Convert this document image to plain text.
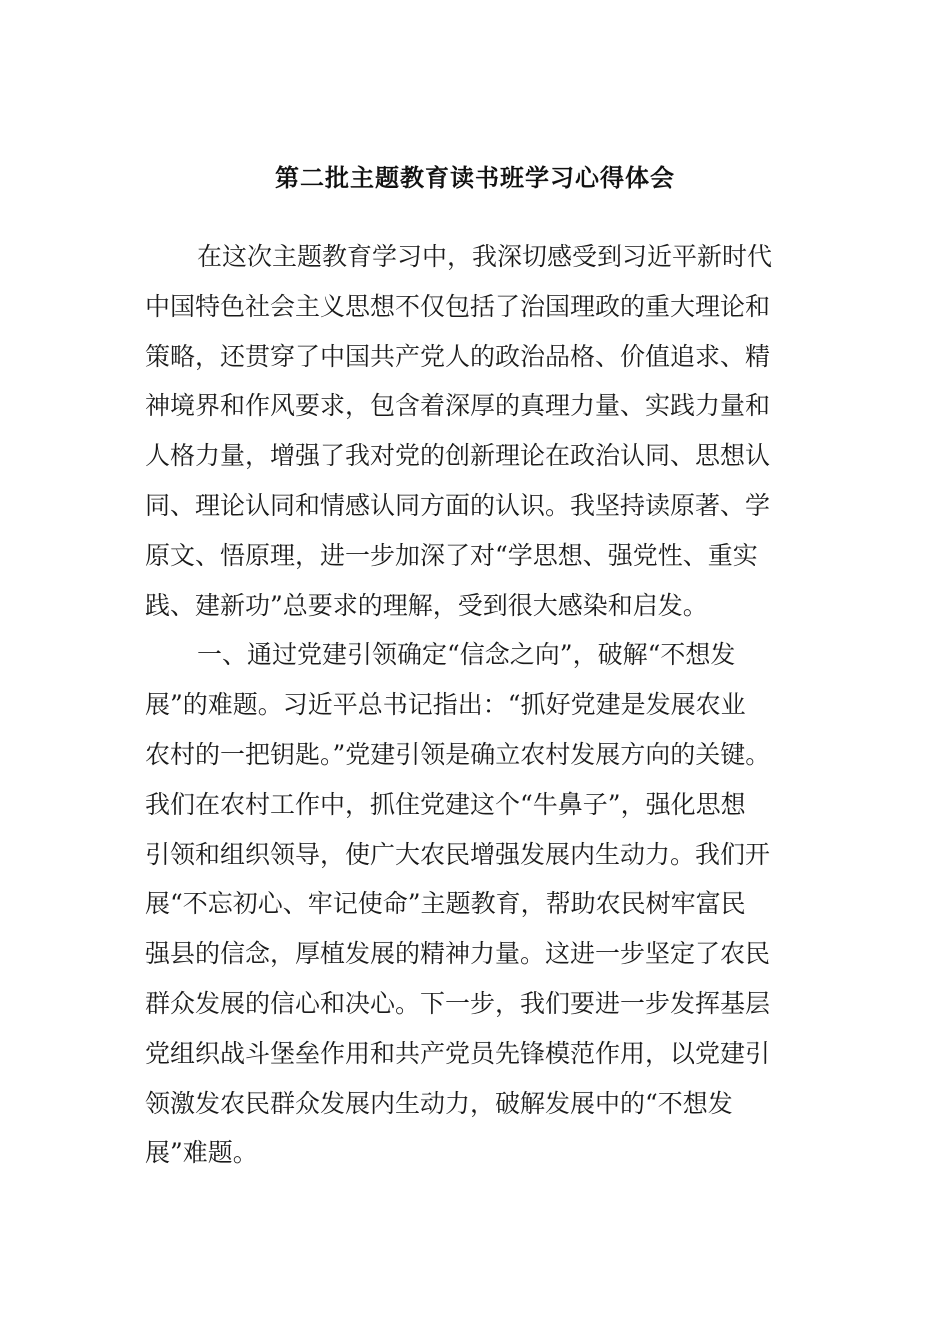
第二批主题教育读书班学习心得体会
在这次主题教育学习中，我深切感受到习近平新时代
中国特色社会主义思想不仅包括了治国理政的重大理论和
策略，还贯穿了中国共产党人的政治品格、价值追求、精
神境界和作风要求，包含着深厚的真理力量、实践力量和
人格力量，增强了我对党的创新理论在政治认同、思想认
同、理论认同和情感认同方面的认识。我坚持读原著、学
原文、悟原理，进一步加深了对“学思想、强党性、重实
践、建新功”总要求的理解，受到很大感染和启发。
一、通过党建引领确定“信念之向”，破解“不想发
展”的难题。习近平总书记指出：“抓好党建是发展农业
农村的一把钥匙。”党建引领是确立农村发展方向的关键。
我们在农村工作中，抓住党建这个“牛鼻子”，强化思想
引领和组织领导，使广大农民增强发展内生动力。我们开
展“不忘初心、牢记使命”主题教育，帮助农民树牢富民
强县的信念，厚植发展的精神力量。这进一步坚定了农民
群众发展的信心和决心。下一步，我们要进一步发挥基层
党组织战斗堡垒作用和共产党员先锋模范作用，以党建引
领激发农民群众发展内生动力，破解发展中的“不想发
展”难题。
